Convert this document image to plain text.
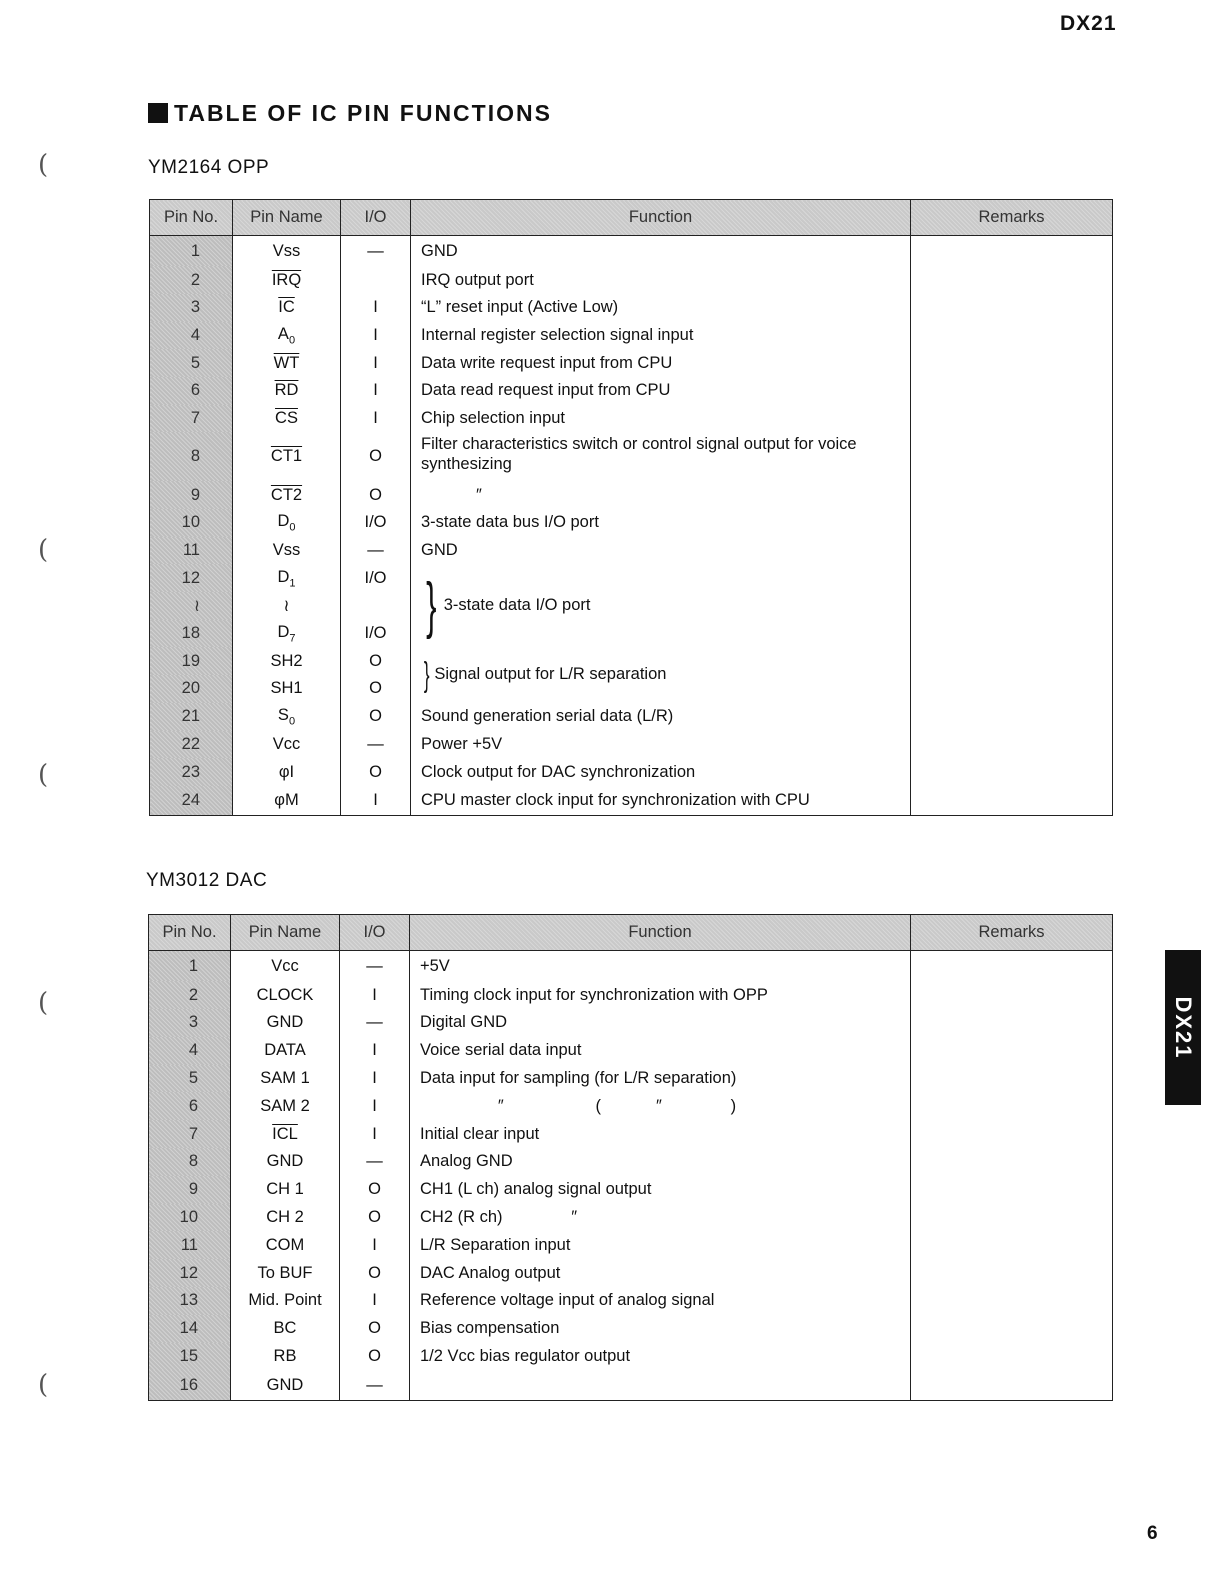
DX21
TABLE OF IC PIN FUNCTIONS
YM2164 OPP
Pin No.	Pin Name	I/O	Function	Remarks
1	Vss	—	GND	
2	$\overline{IRQ}$		IRQ output port	
3	$\overline{IC}$	I	“L” reset input (Active Low)	
4	$A_0$	I	Internal register selection signal input	
5	$\overline{WT}$	I	Data write request input from CPU	
6	$\overline{RD}$	I	Data read request input from CPU	
7	$\overline{CS}$	I	Chip selection input	
8	CT1	O	Filter characteristics switch or control signal output for voice synthesizing	
9	CT2	O	″	
10	$D_0$	I/O	3-state data bus I/O port	
11	Vss	—	GND	
12	$D_1$	I/O	} 3-state data I/O port	
≀	≀			
18	$D_7$	I/O		
19	SH2	O	} Signal output for L/R separation	
20	SH1	O		
21	$S_0$	O	Sound generation serial data (L/R)	
22	Vcc	—	Power +5V	
23	φI	O	Clock output for DAC synchronization	
24	φM	I	CPU master clock input for synchronization with CPU	
YM3012 DAC
Pin No.	Pin Name	I/O	Function	Remarks
1	Vcc	—	+5V	
2	CLOCK	I	Timing clock input for synchronization with OPP	
3	GND	—	Digital GND	
4	DATA	I	Voice serial data input	
5	SAM 1	I	Data input for sampling (for L/R separation)	
6	SAM 2	I	″                    (            ″               )	
7	$\overline{ICL}$	I	Initial clear input	
8	GND	—	Analog GND	
9	CH 1	O	CH1 (L ch) analog signal output	
10	CH 2	O	CH2 (R ch)               ″	
11	COM	I	L/R Separation input	
12	To BUF	O	DAC Analog output	
13	Mid. Point	I	Reference voltage input of analog signal	
14	BC	O	Bias compensation	
15	RB	O	1/2 Vcc bias regulator output	
16	GND	—		
DX21
6
(
(
(
(
(
